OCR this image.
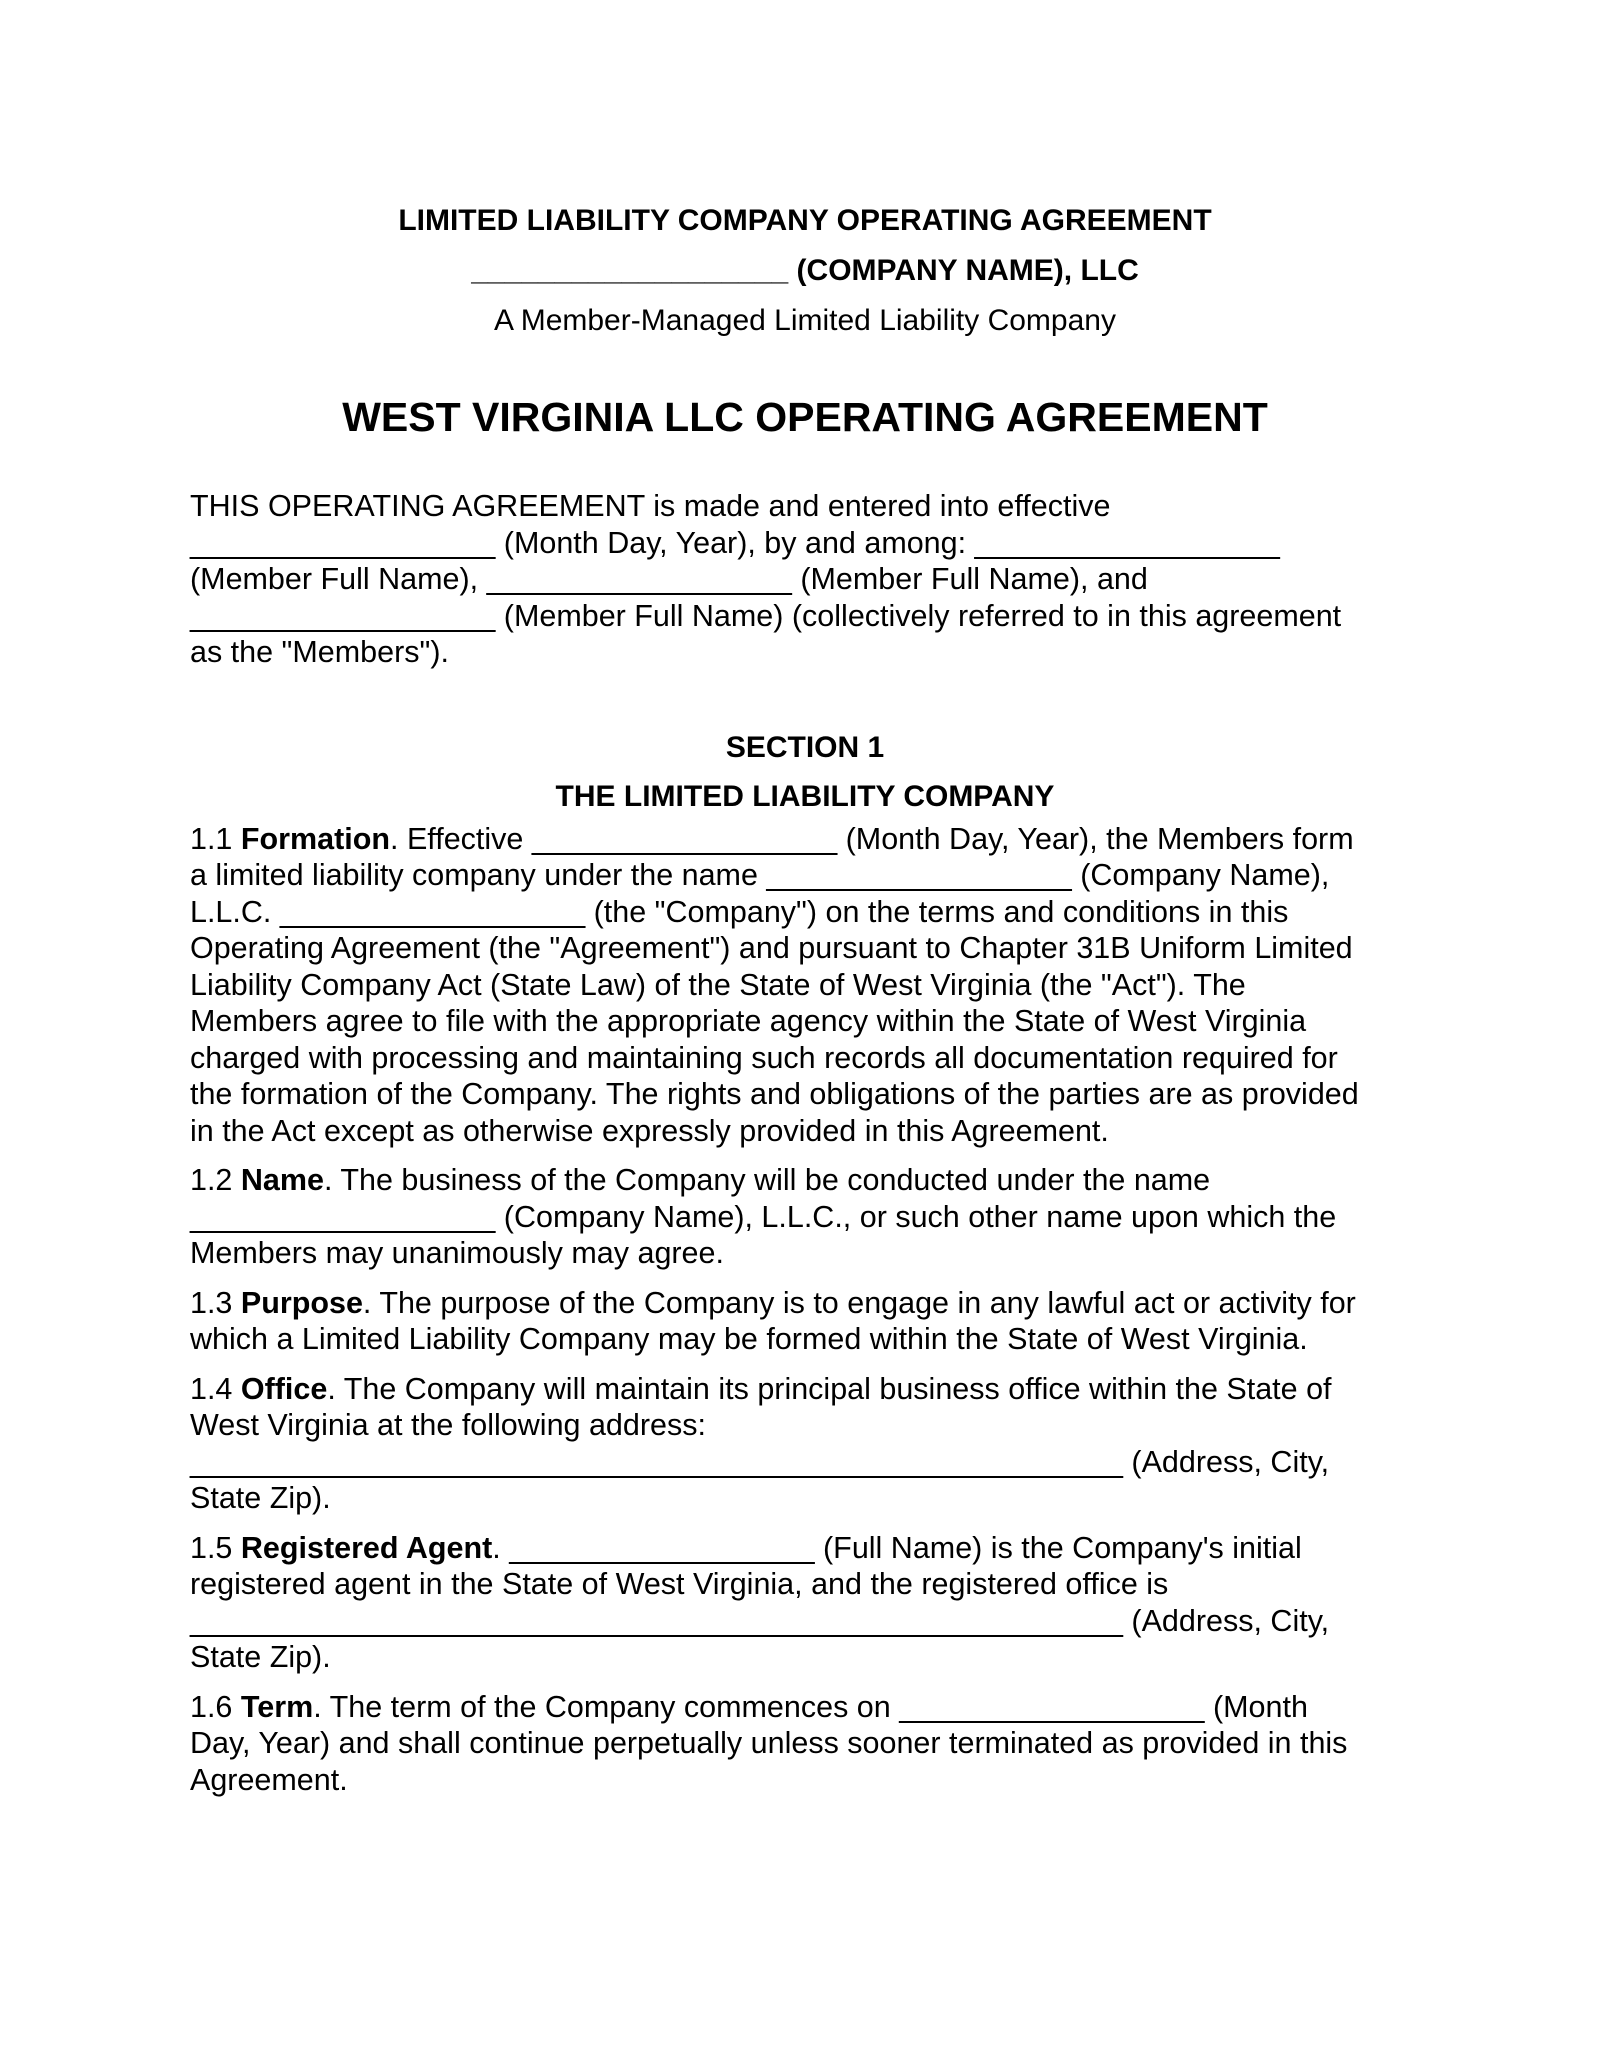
LIMITED LIABILITY COMPANY OPERATING AGREEMENT

___________________ (COMPANY NAME), LLC

A Member-Managed Limited Liability Company

WEST VIRGINIA LLC OPERATING AGREEMENT
THIS OPERATING AGREEMENT is made and entered into effective
__________________ (Month Day, Year), by and among: __________________
(Member Full Name), __________________ (Member Full Name), and
__________________ (Member Full Name) (collectively referred to in this agreement
as the "Members").

SECTION 1

THE LIMITED LIABILITY COMPANY

1.1 Formation. Effective __________________ (Month Day, Year), the Members form
a limited liability company under the name __________________ (Company Name),
L.L.C. __________________ (the "Company") on the terms and conditions in this
Operating Agreement (the "Agreement") and pursuant to Chapter 31B Uniform Limited
Liability Company Act (State Law) of the State of West Virginia (the "Act"). The
Members agree to file with the appropriate agency within the State of West Virginia
charged with processing and maintaining such records all documentation required for
the formation of the Company. The rights and obligations of the parties are as provided
in the Act except as otherwise expressly provided in this Agreement.
1.2 Name. The business of the Company will be conducted under the name
__________________ (Company Name), L.L.C., or such other name upon which the
Members may unanimously may agree.
1.3 Purpose. The purpose of the Company is to engage in any lawful act or activity for
which a Limited Liability Company may be formed within the State of West Virginia.
1.4 Office. The Company will maintain its principal business office within the State of
West Virginia at the following address:
_______________________________________________________ (Address, City,
State Zip).
1.5 Registered Agent. __________________ (Full Name) is the Company's initial
registered agent in the State of West Virginia, and the registered office is
_______________________________________________________ (Address, City,
State Zip).
1.6 Term. The term of the Company commences on __________________ (Month
Day, Year) and shall continue perpetually unless sooner terminated as provided in this
Agreement.
